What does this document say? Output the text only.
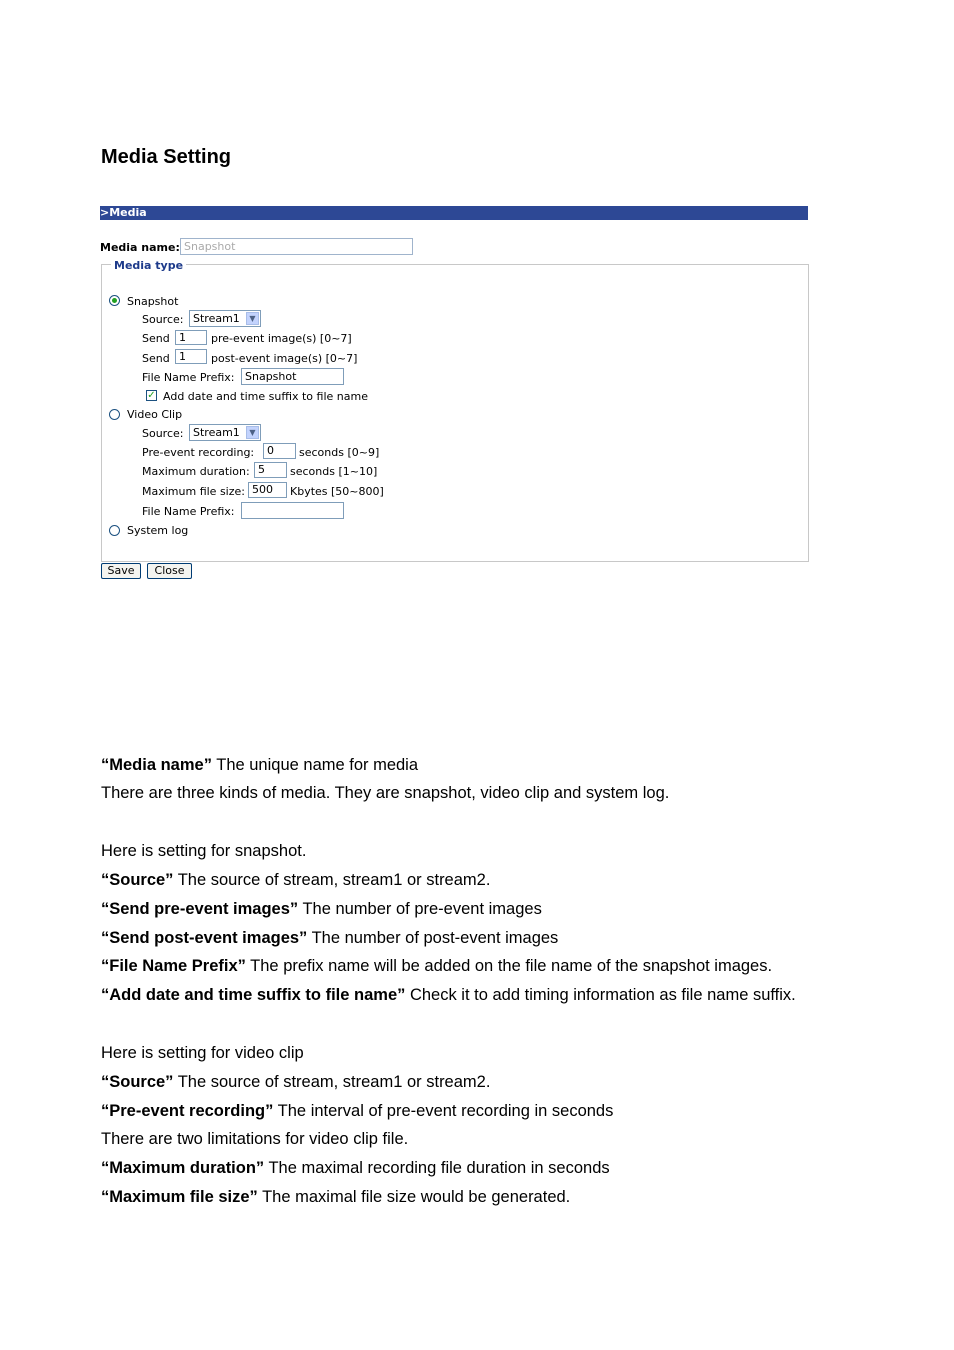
Media Setting
>Media
Media name: Snapshot
Media type
Snapshot
Source: Stream1	▼
Send 1	pre-event image(s) [0~7]
Send 1	post-event image(s) [0~7]
File Name Prefix: Snapshot
✓ Add date and time suffix to file name
Video Clip
Source: Stream1	▼
Pre-event recording:	0	seconds [0~9]
Maximum duration: 5	seconds [1~10]
Maximum file size: 500	Kbytes [50~800]
File Name Prefix:
System log
Save	Close
“Media name” The unique name for media
There are three kinds of media. They are snapshot, video clip and system log.
Here is setting for snapshot.
“Source” The source of stream, stream1 or stream2.
“Send pre-event images” The number of pre-event images
“Send post-event images” The number of post-event images
“File Name Prefix” The prefix name will be added on the file name of the snapshot images.
“Add date and time suffix to file name” Check it to add timing information as file name suffix.
Here is setting for video clip
“Source” The source of stream, stream1 or stream2.
“Pre-event recording” The interval of pre-event recording in seconds
There are two limitations for video clip file.
“Maximum duration” The maximal recording file duration in seconds
“Maximum file size” The maximal file size would be generated.
